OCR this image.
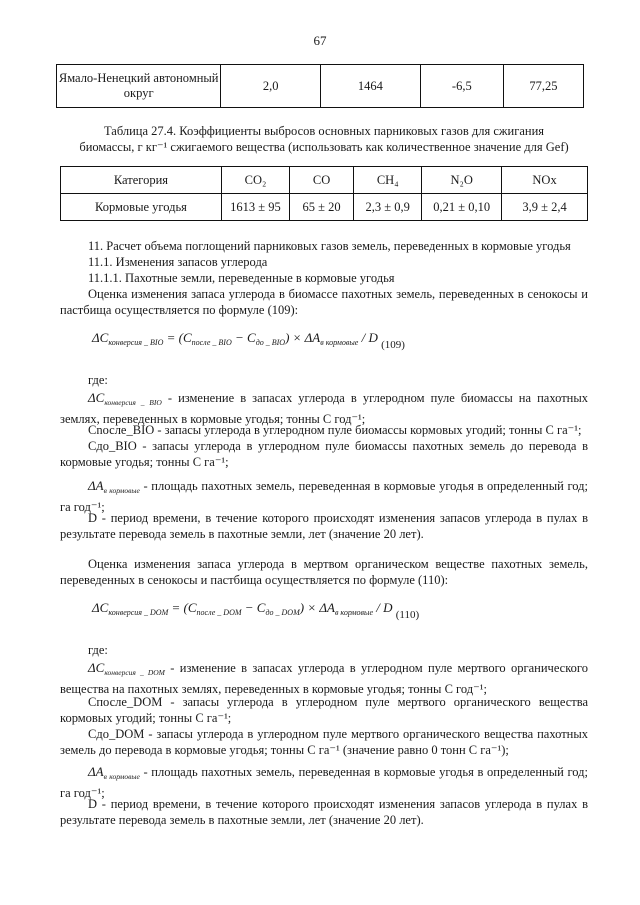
67
Ямало-Ненецкий автономный округ	2,0	1464	-6,5	77,25
Таблица 27.4. Коэффициенты выбросов основных парниковых газов для сжигания
биомассы, г кг⁻¹ сжигаемого вещества (использовать как количественное значение для Gef)
Категория	CO₂	CO	CH₄	N₂O	NOx
Кормовые угодья	1613 ± 95	65 ± 20	2,3 ± 0,9	0,21 ± 0,10	3,9 ± 2,4
11. Расчет объема поглощений парниковых газов земель, переведенных в кормовые угодья
11.1. Изменения запасов углерода
11.1.1. Пахотные земли, переведенные в кормовые угодья
Оценка изменения запаса углерода в биомассе пахотных земель, переведенных в сенокосы и пастбища осуществляется по формуле (109):
$\Delta C_{конверсия \_ BIO} = (C_{после \_ BIO} - C_{до \_ BIO}) \times \Delta A_{в кормовые} / D$ $_{(109)}$
где:
$\Delta C_{конверсия \_ BIO}$ - изменение в запасах углерода в углеродном пуле биомассы на пахотных землях, переведенных в кормовые угодья; тонны С год⁻¹;
Сnосле_BIO - запасы углерода в углеродном пуле биомассы кормовых угодий; тонны С га⁻¹;
Сдо_BIO - запасы углерода в углеродном пуле биомассы пахотных земель до перевода в кормовые угодья; тонны С га⁻¹;
$\Delta A_{в кормовые}$ - площадь пахотных земель, переведенная в кормовые угодья в определенный год; га год⁻¹;
D - период времени, в течение которого происходят изменения запасов углерода в пулах в результате перевода земель в пахотные земли, лет (значение 20 лет).
Оценка изменения запаса углерода в мертвом органическом веществе пахотных земель, переведенных в сенокосы и пастбища осуществляется по формуле (110):
$\Delta C_{конверсия \_ DOM} = (C_{после \_ DOM} - C_{до \_ DOM}) \times \Delta A_{в кормовые} / D$ $_{(110)}$
где:
$\Delta C_{конверсия \_ DOM}$ - изменение в запасах углерода в углеродном пуле мертвого органического вещества на пахотных землях, переведенных в кормовые угодья; тонны С год⁻¹;
Спосле_DOM - запасы углерода в углеродном пуле мертвого органического вещества кормовых угодий; тонны С га⁻¹;
Сдо_DOM - запасы углерода в углеродном пуле мертвого органического вещества пахотных земель до перевода в кормовые угодья; тонны С га⁻¹ (значение равно 0 тонн С га⁻¹);
$\Delta A_{в кормовые}$ - площадь пахотных земель, переведенная в кормовые угодья в определенный год; га год⁻¹;
D - период времени, в течение которого происходят изменения запасов углерода в пулах в результате перевода земель в пахотные земли, лет (значение 20 лет).
